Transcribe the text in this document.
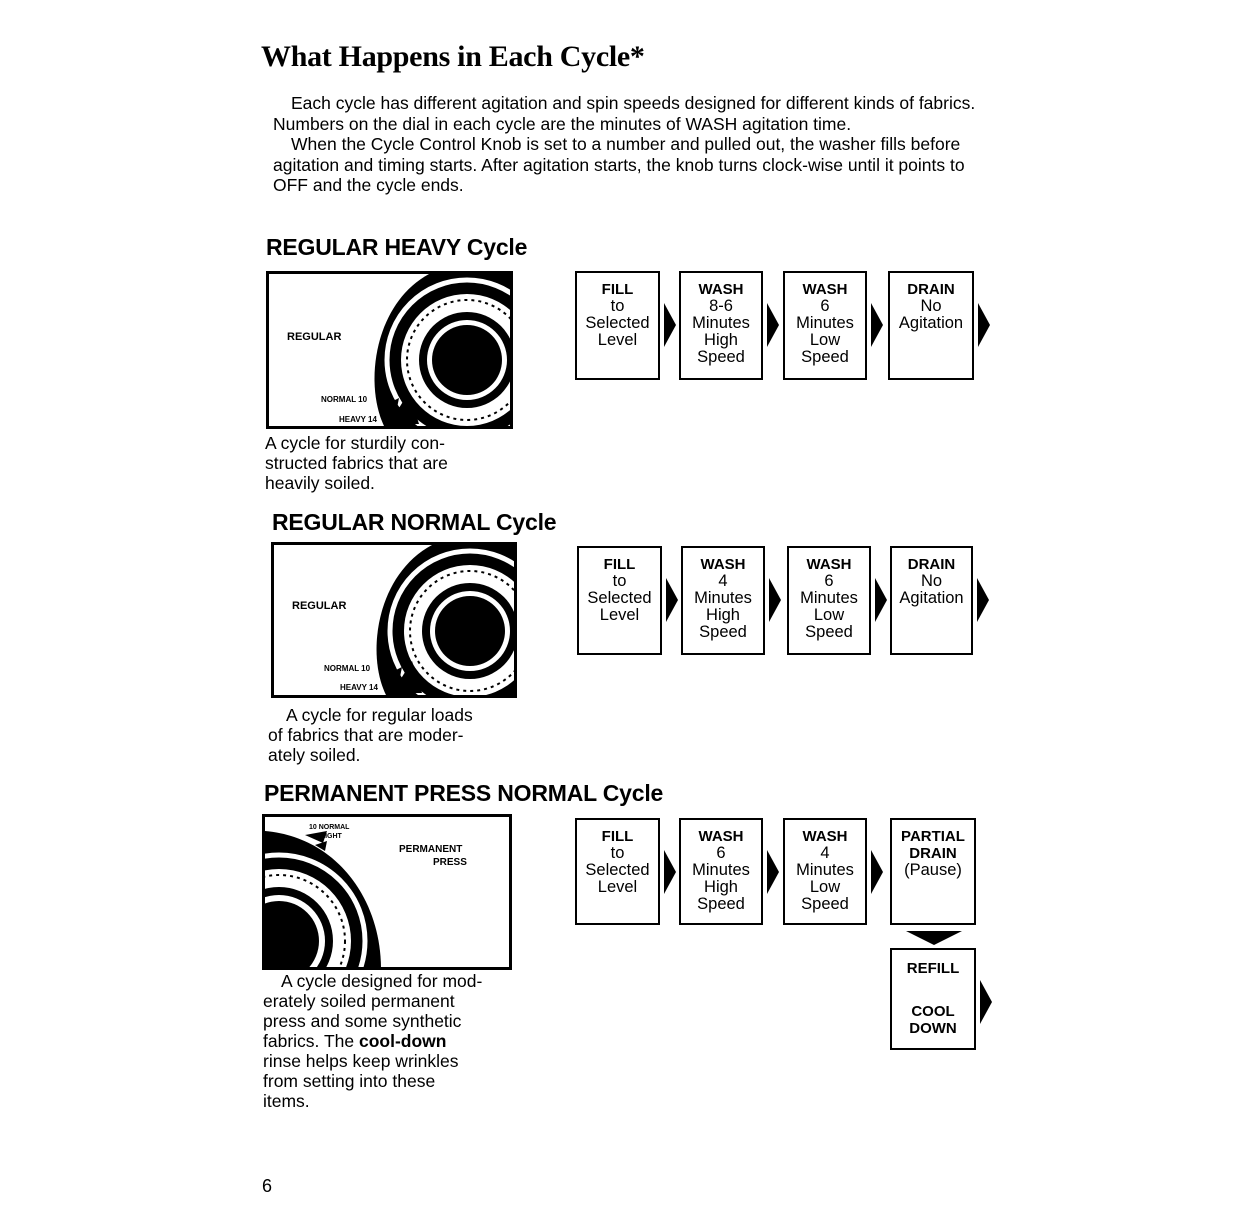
What Happens in Each Cycle*

Each cycle has different agitation and spin speeds designed for different kinds of fabrics. Numbers on the dial in each cycle are the minutes of WASH agitation time.

When the Cycle Control Knob is set to a number and pulled out, the washer fills before agitation and timing starts. After agitation starts, the knob turns clock-wise until it points to OFF and the cycle ends.

REGULAR HEAVY Cycle
REGULAR
NORMAL 10
HEAVY 14
A cycle for sturdily con-
structed fabrics that are
heavily soiled.
FILL
to
Selected
Level
WASH
8-6
Minutes
High
Speed
WASH
6
Minutes
Low
Speed
DRAIN
No
Agitation
REGULAR NORMAL Cycle
REGULAR
NORMAL 10
HEAVY 14
A cycle for regular loads
of fabrics that are moder-
ately soiled.
FILL
to
Selected
Level
WASH
4
Minutes
High
Speed
WASH
6
Minutes
Low
Speed
DRAIN
No
Agitation
PERMANENT PRESS NORMAL Cycle
PERMANENT
PRESS
10 NORMAL
6 LIGHT
A cycle designed for mod-
erately soiled permanent
press and some synthetic
fabrics. The cool-down
rinse helps keep wrinkles
from setting into these
items.
FILL
to
Selected
Level
WASH
6
Minutes
High
Speed
WASH
4
Minutes
Low
Speed
PARTIAL
DRAIN
(Pause)
REFILL
COOL
DOWN
6
